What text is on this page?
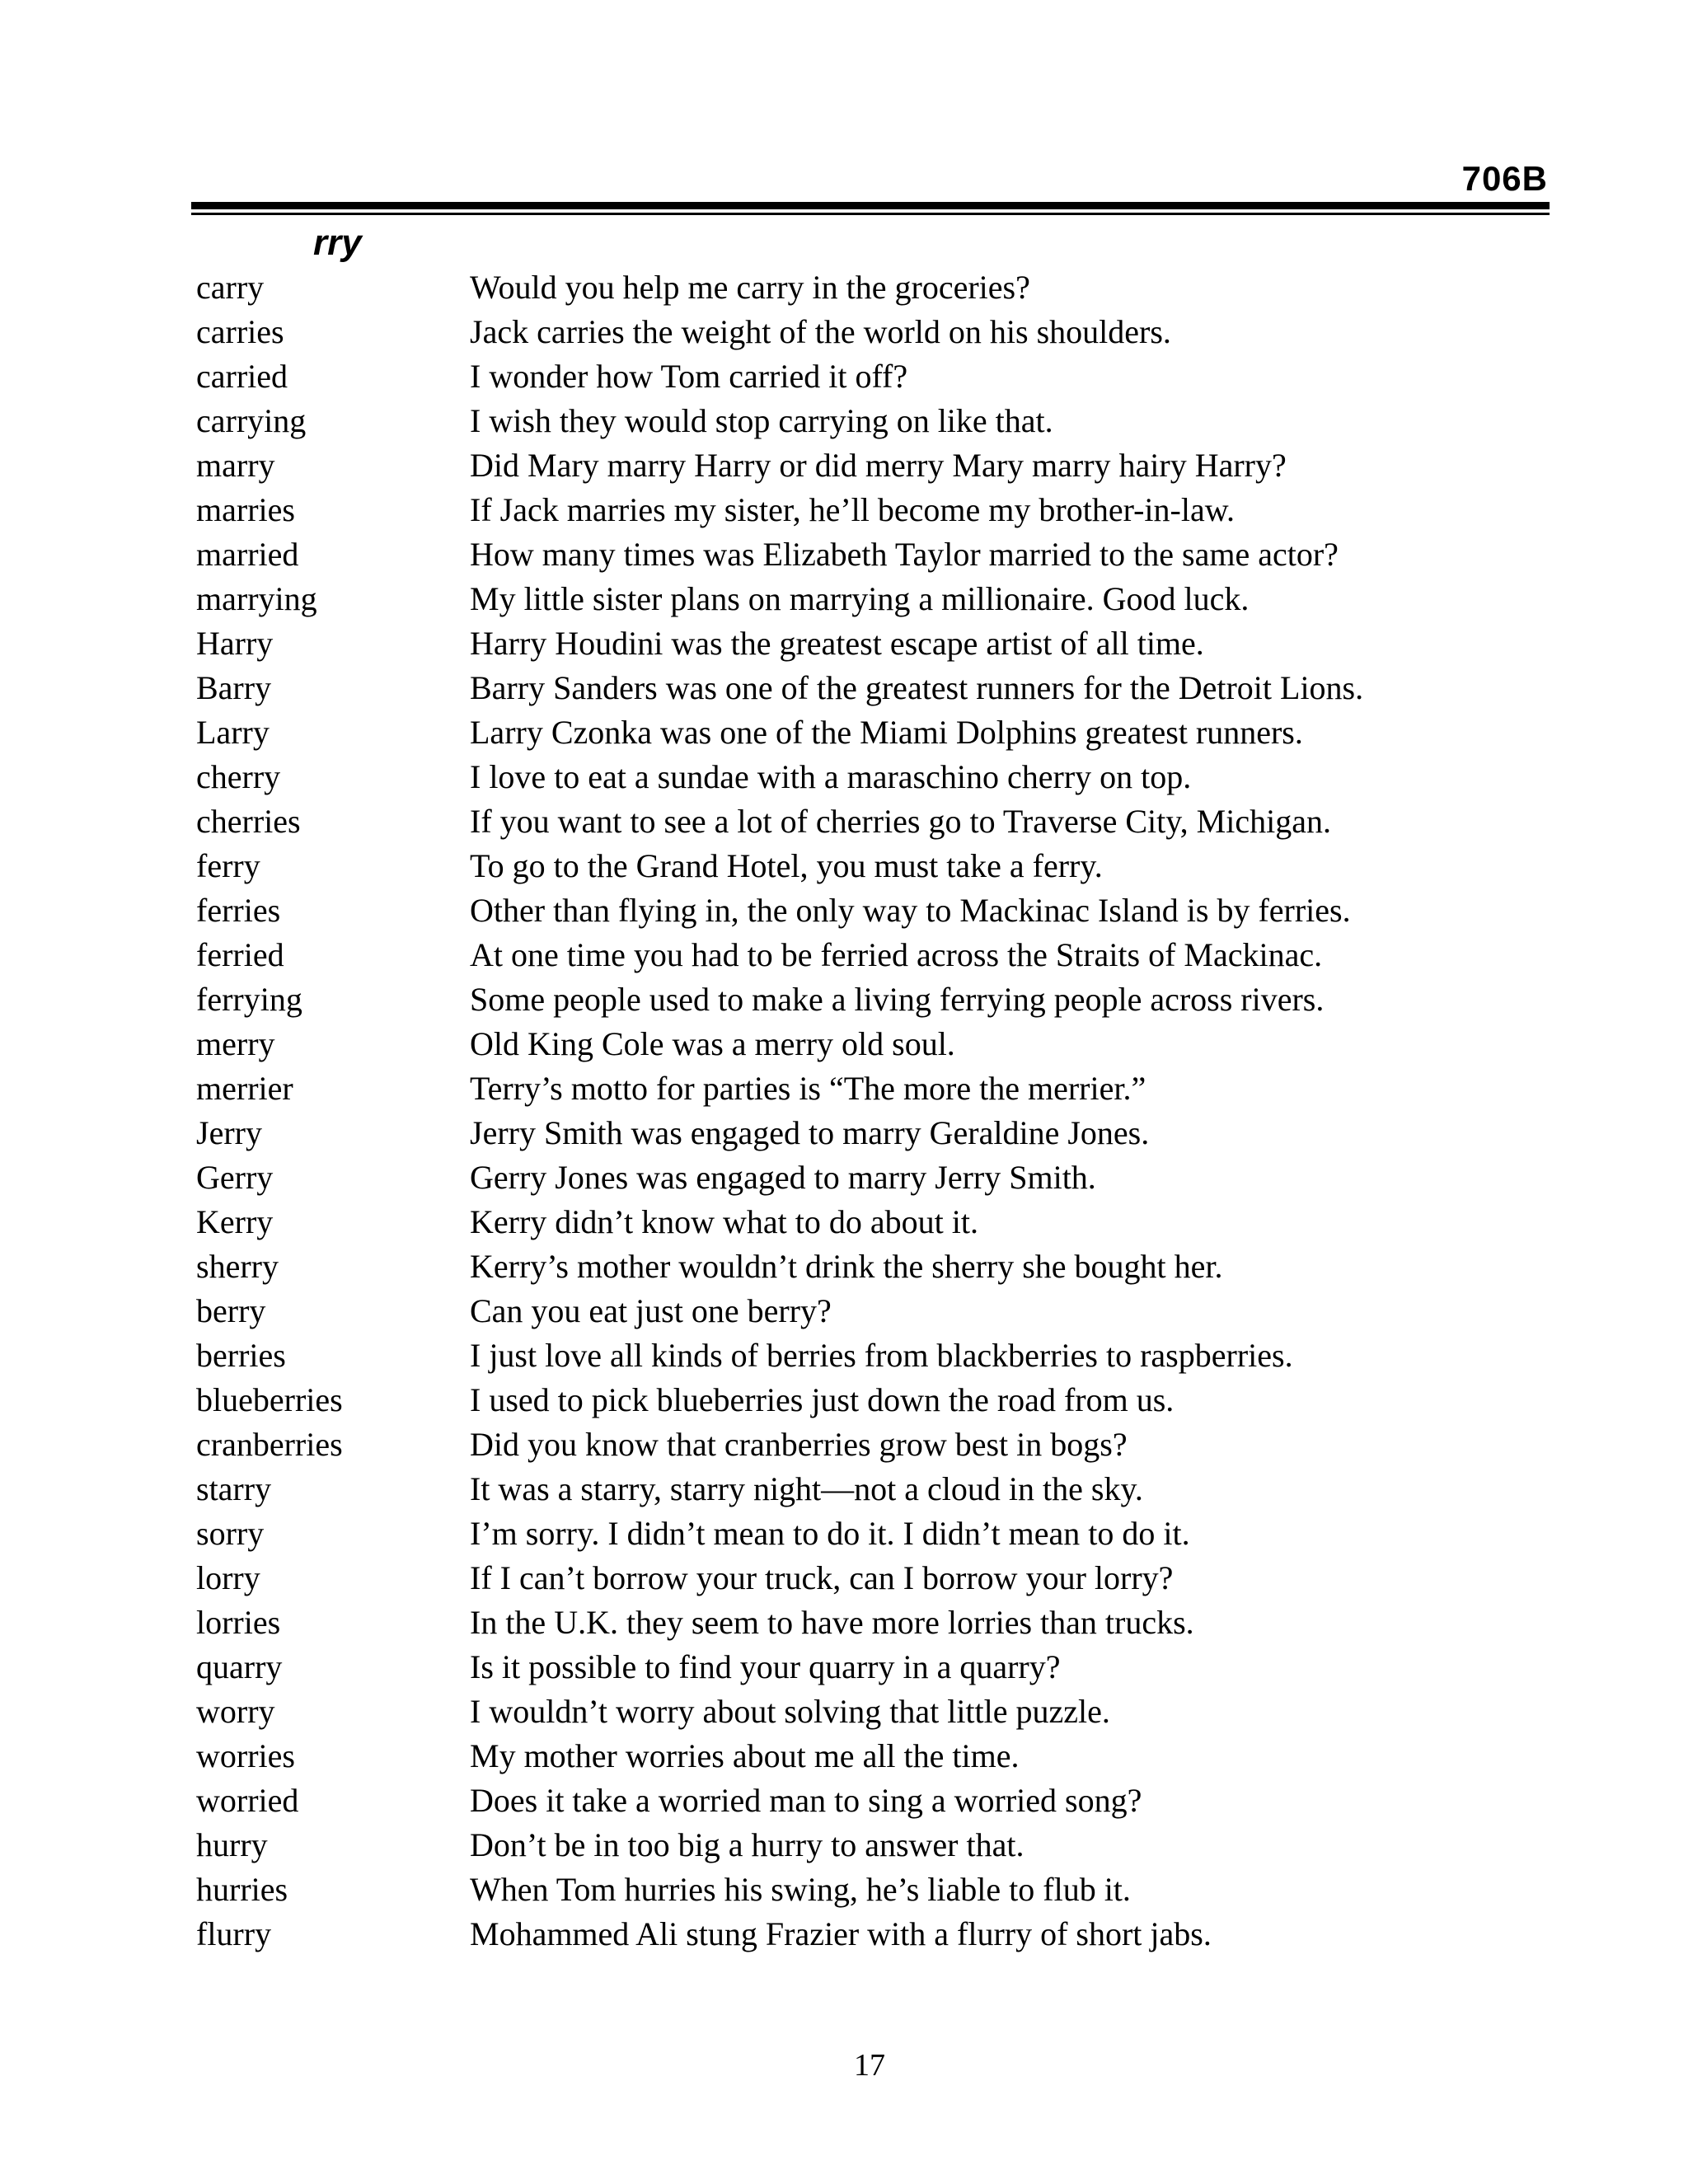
706B
rry
carry	Would you help me carry in the groceries?
carries	Jack carries the weight of the world on his shoulders.
carried	I wonder how Tom carried it off?
carrying	I wish they would stop carrying on like that.
marry	Did Mary marry Harry or did merry Mary marry hairy Harry?
marries	If Jack marries my sister, he’ll become my brother-in-law.
married	How many times was Elizabeth Taylor married to the same actor?
marrying	My little sister plans on marrying a millionaire. Good luck.
Harry	Harry Houdini was the greatest escape artist of all time.
Barry	Barry Sanders was one of the greatest runners for the Detroit Lions.
Larry	Larry Czonka was one of the Miami Dolphins greatest runners.
cherry	I love to eat a sundae with a maraschino cherry on top.
cherries	If you want to see a lot of cherries go to Traverse City, Michigan.
ferry	To go to the Grand Hotel, you must take a ferry.
ferries	Other than flying in, the only way to Mackinac Island is by ferries.
ferried	At one time you had to be ferried across the Straits of Mackinac.
ferrying	Some people used to make a living ferrying people across rivers.
merry	Old King Cole was a merry old soul.
merrier	Terry’s motto for parties is “The more the merrier.”
Jerry	Jerry Smith was engaged to marry Geraldine Jones.
Gerry	Gerry Jones was engaged to marry Jerry Smith.
Kerry	Kerry didn’t know what to do about it.
sherry	Kerry’s mother wouldn’t drink the sherry she bought her.
berry	Can you eat just one berry?
berries	I just love all kinds of berries from blackberries to raspberries.
blueberries	I used to pick blueberries just down the road from us.
cranberries	Did you know that cranberries grow best in bogs?
starry	It was a starry, starry night—not a cloud in the sky.
sorry	I’m sorry. I didn’t mean to do it. I didn’t mean to do it.
lorry	If I can’t borrow your truck, can I borrow your lorry?
lorries	In the U.K. they seem to have more lorries than trucks.
quarry	Is it possible to find your quarry in a quarry?
worry	I wouldn’t worry about solving that little puzzle.
worries	My mother worries about me all the time.
worried	Does it take a worried man to sing a worried song?
hurry	Don’t be in too big a hurry to answer that.
hurries	When Tom hurries his swing, he’s liable to flub it.
flurry	Mohammed Ali stung Frazier with a flurry of short jabs.
17
